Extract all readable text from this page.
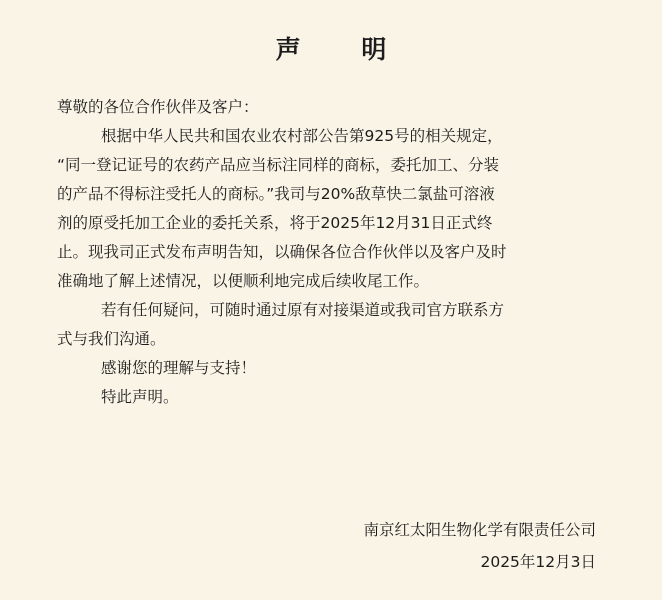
声 明

尊敬的各位合作伙伴及客户：

根据中华人民共和国农业农村部公告第925号的相关规定，

“同一登记证号的农药产品应当标注同样的商标，委托加工、分装

的产品不得标注受托人的商标。”我司与20%敌草快二氯盐可溶液

剂的原受托加工企业的委托关系，将于2025年12月31日正式终

止。现我司正式发布声明告知，以确保各位合作伙伴以及客户及时

准确地了解上述情况，以便顺利地完成后续收尾工作。

若有任何疑问，可随时通过原有对接渠道或我司官方联系方

式与我们沟通。

感谢您的理解与支持！

特此声明。

南京红太阳生物化学有限责任公司
2025年12月3日
